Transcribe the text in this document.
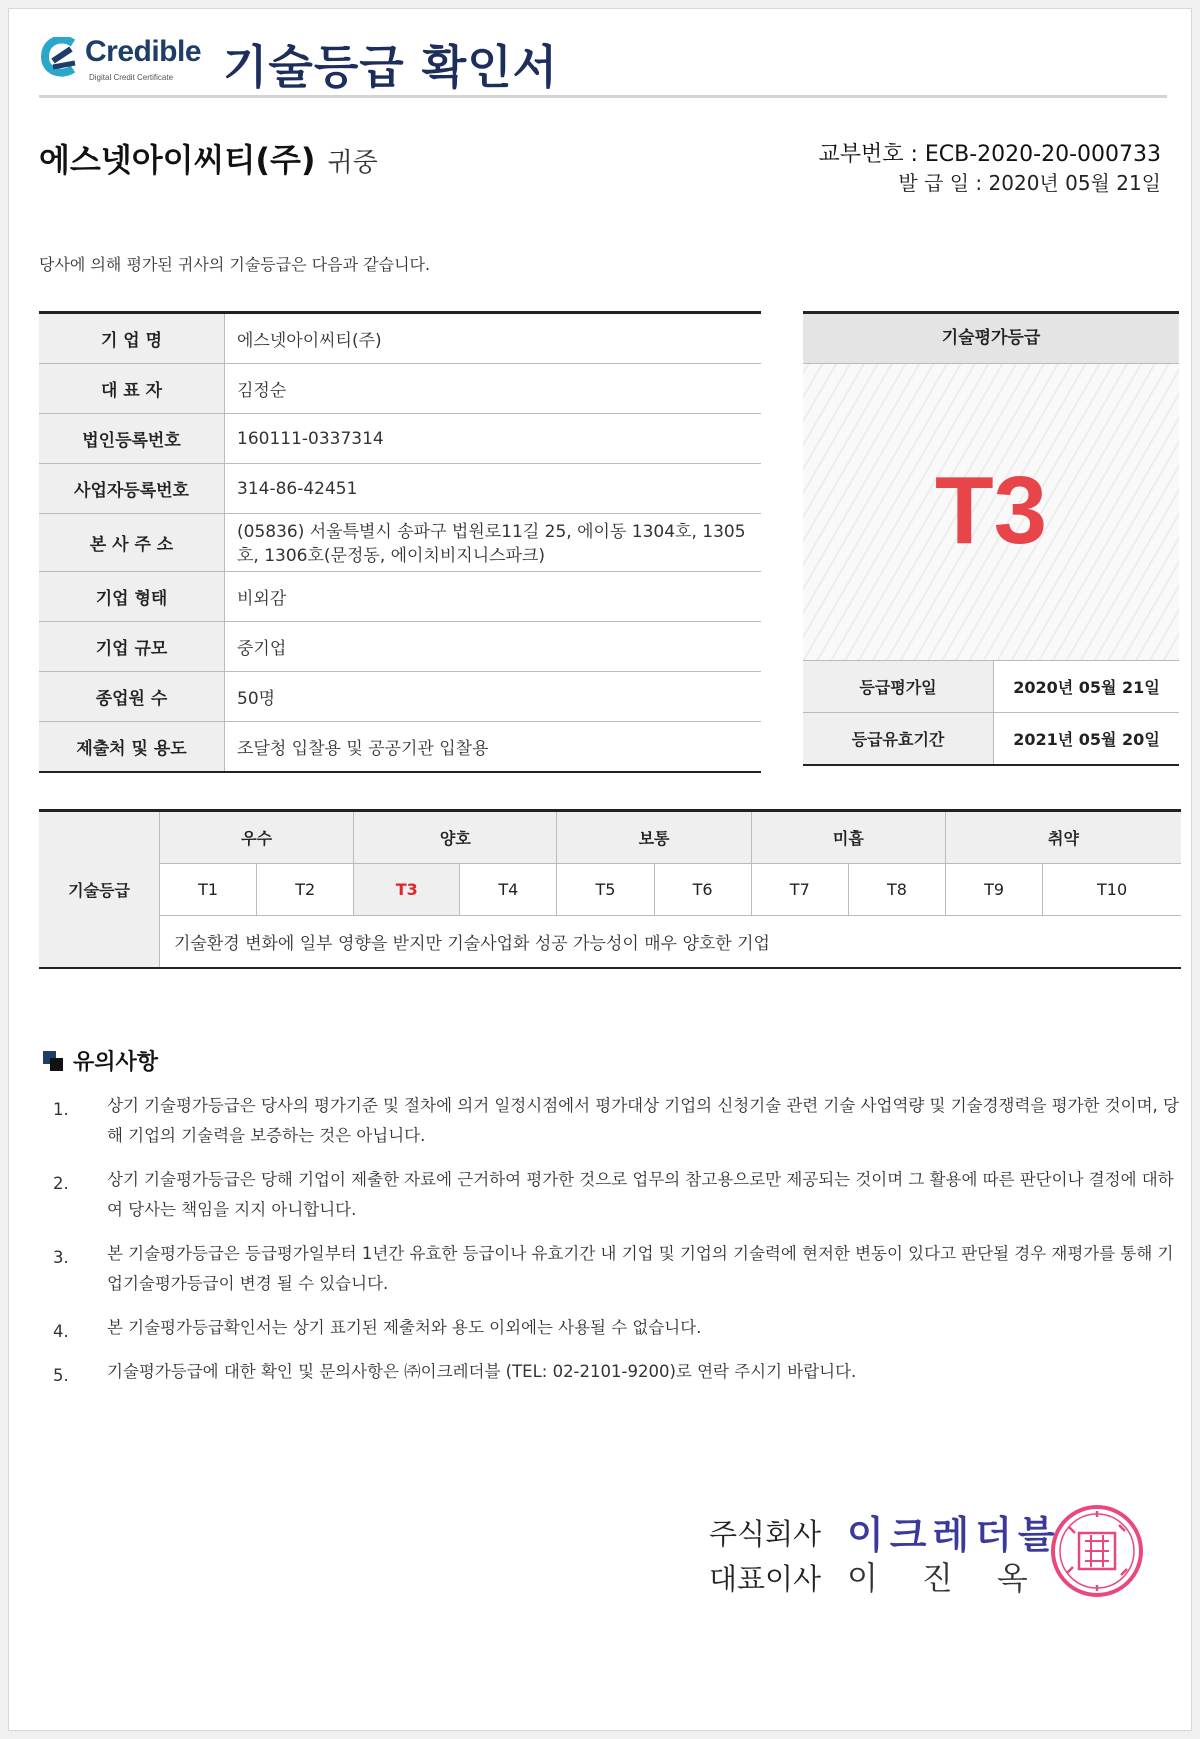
Credible
Digital Credit Certificate 기술등급 확인서
에스넷아이씨티(주) 귀중	교부번호 : ECB-2020-20-000733
발 급 일 : 2020년 05월 21일
당사에 의해 평가된 귀사의 기술등급은 다음과 같습니다.
기 업 명	에스넷아이씨티(주)
대 표 자	김정순
법인등록번호	160111-0337314
사업자등록번호	314-86-42451
본 사 주 소	(05836) 서울특별시 송파구 법원로11길 25, 에이동 1304호, 1305호, 1306호(문정동, 에이치비지니스파크)
기업 형태	비외감
기업 규모	중기업
종업원 수	50명
제출처 및 용도	조달청 입찰용 및 공공기관 입찰용
기술평가등급
T3
등급평가일	2020년 05월 21일
등급유효기간	2021년 05월 20일
기술등급	우수		양호		보통		미흡		취약	
	T1	T2	T3	T4	T5	T6	T7	T8	T9	T10
	기술환경 변화에 일부 영향을 받지만 기술사업화 성공 가능성이 매우 양호한 기업									
유의사항
1. 상기 기술평가등급은 당사의 평가기준 및 절차에 의거 일정시점에서 평가대상 기업의 신청기술 관련 기술 사업역량 및 기술경쟁력을 평가한 것이며, 당해 기업의 기술력을 보증하는 것은 아닙니다.
2. 상기 기술평가등급은 당해 기업이 제출한 자료에 근거하여 평가한 것으로 업무의 참고용으로만 제공되는 것이며 그 활용에 따른 판단이나 결정에 대하여 당사는 책임을 지지 아니합니다.
3. 본 기술평가등급은 등급평가일부터 1년간 유효한 등급이나 유효기간 내 기업 및 기업의 기술력에 현저한 변동이 있다고 판단될 경우 재평가를 통해 기업기술평가등급이 변경 될 수 있습니다.
4. 본 기술평가등급확인서는 상기 표기된 제출처와 용도 이외에는 사용될 수 없습니다.
5. 기술평가등급에 대한 확인 및 문의사항은 ㈜이크레더블 (TEL: 02-2101-9200)로 연락 주시기 바랍니다.
주식회사 이크레더블
대표이사 이진옥
